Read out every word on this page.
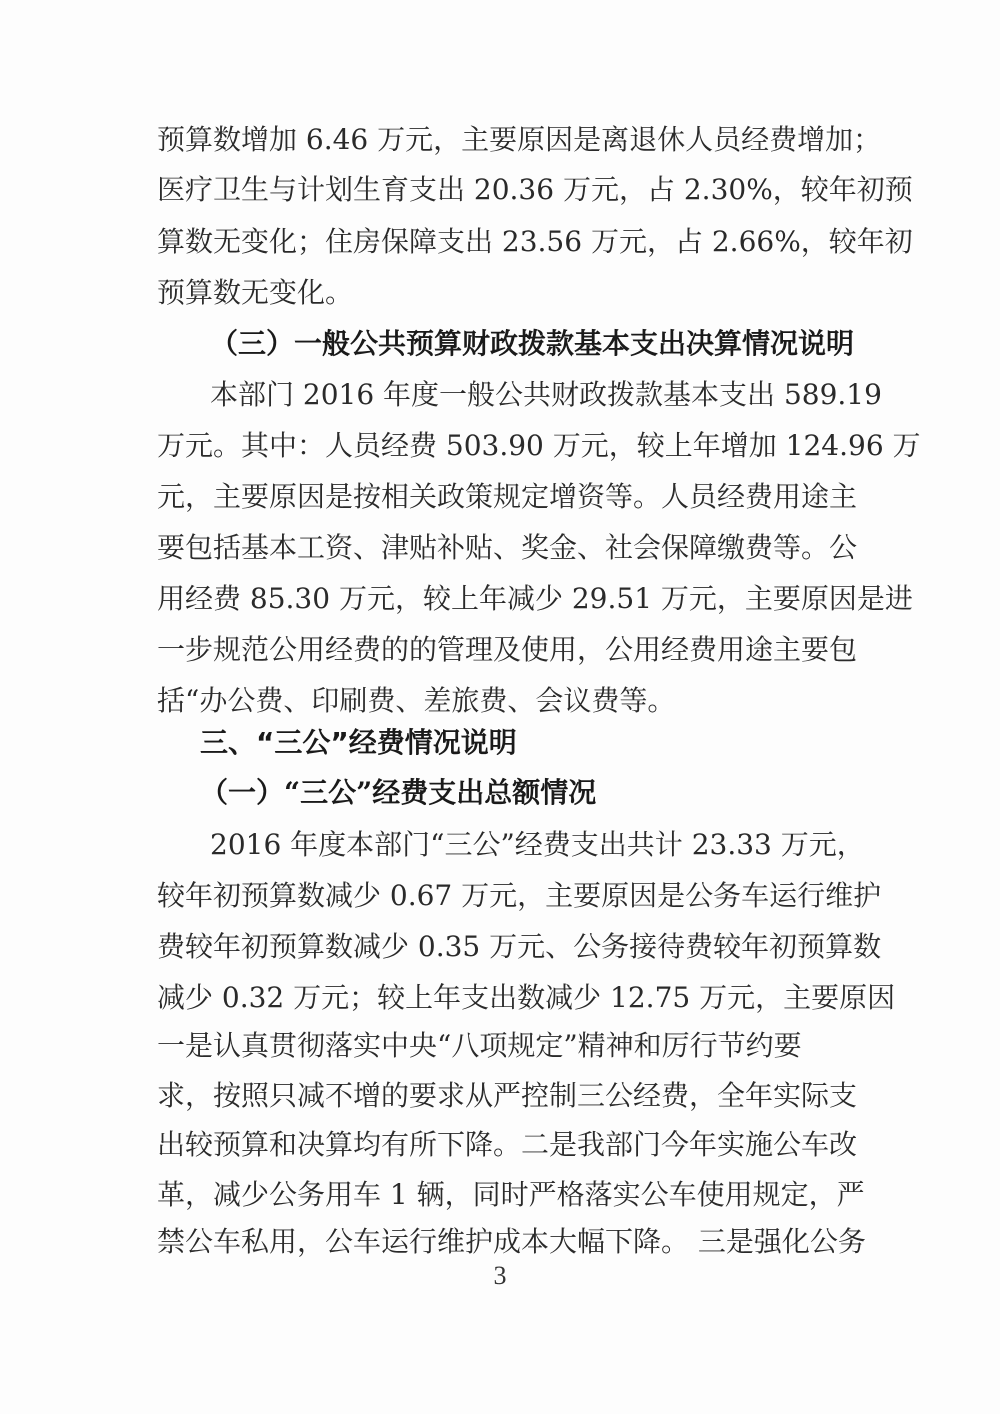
预算数增加 6.46 万元，主要原因是离退休人员经费增加；
医疗卫生与计划生育支出 20.36 万元，占 2.30%，较年初预
算数无变化；住房保障支出 23.56 万元，占 2.66%，较年初
预算数无变化。
（三）一般公共预算财政拨款基本支出决算情况说明
本部门 2016 年度一般公共财政拨款基本支出 589.19
万元。其中：人员经费 503.90 万元，较上年增加 124.96 万
元，主要原因是按相关政策规定增资等。人员经费用途主
要包括基本工资、津贴补贴、奖金、社会保障缴费等。公
用经费 85.30 万元，较上年减少 29.51 万元，主要原因是进
一步规范公用经费的的管理及使用，公用经费用途主要包
括“办公费、印刷费、差旅费、会议费等。
三、“三公”经费情况说明
（一）“三公”经费支出总额情况
2016 年度本部门“三公”经费支出共计 23.33 万元，
较年初预算数减少 0.67 万元，主要原因是公务车运行维护
费较年初预算数减少 0.35 万元、公务接待费较年初预算数
减少 0.32 万元；较上年支出数减少 12.75 万元，主要原因
一是认真贯彻落实中央“八项规定”精神和厉行节约要
求，按照只减不增的要求从严控制三公经费，全年实际支
出较预算和决算均有所下降。二是我部门今年实施公车改
革，减少公务用车 1 辆，同时严格落实公车使用规定，严
禁公车私用，公车运行维护成本大幅下降。 三是强化公务
3
